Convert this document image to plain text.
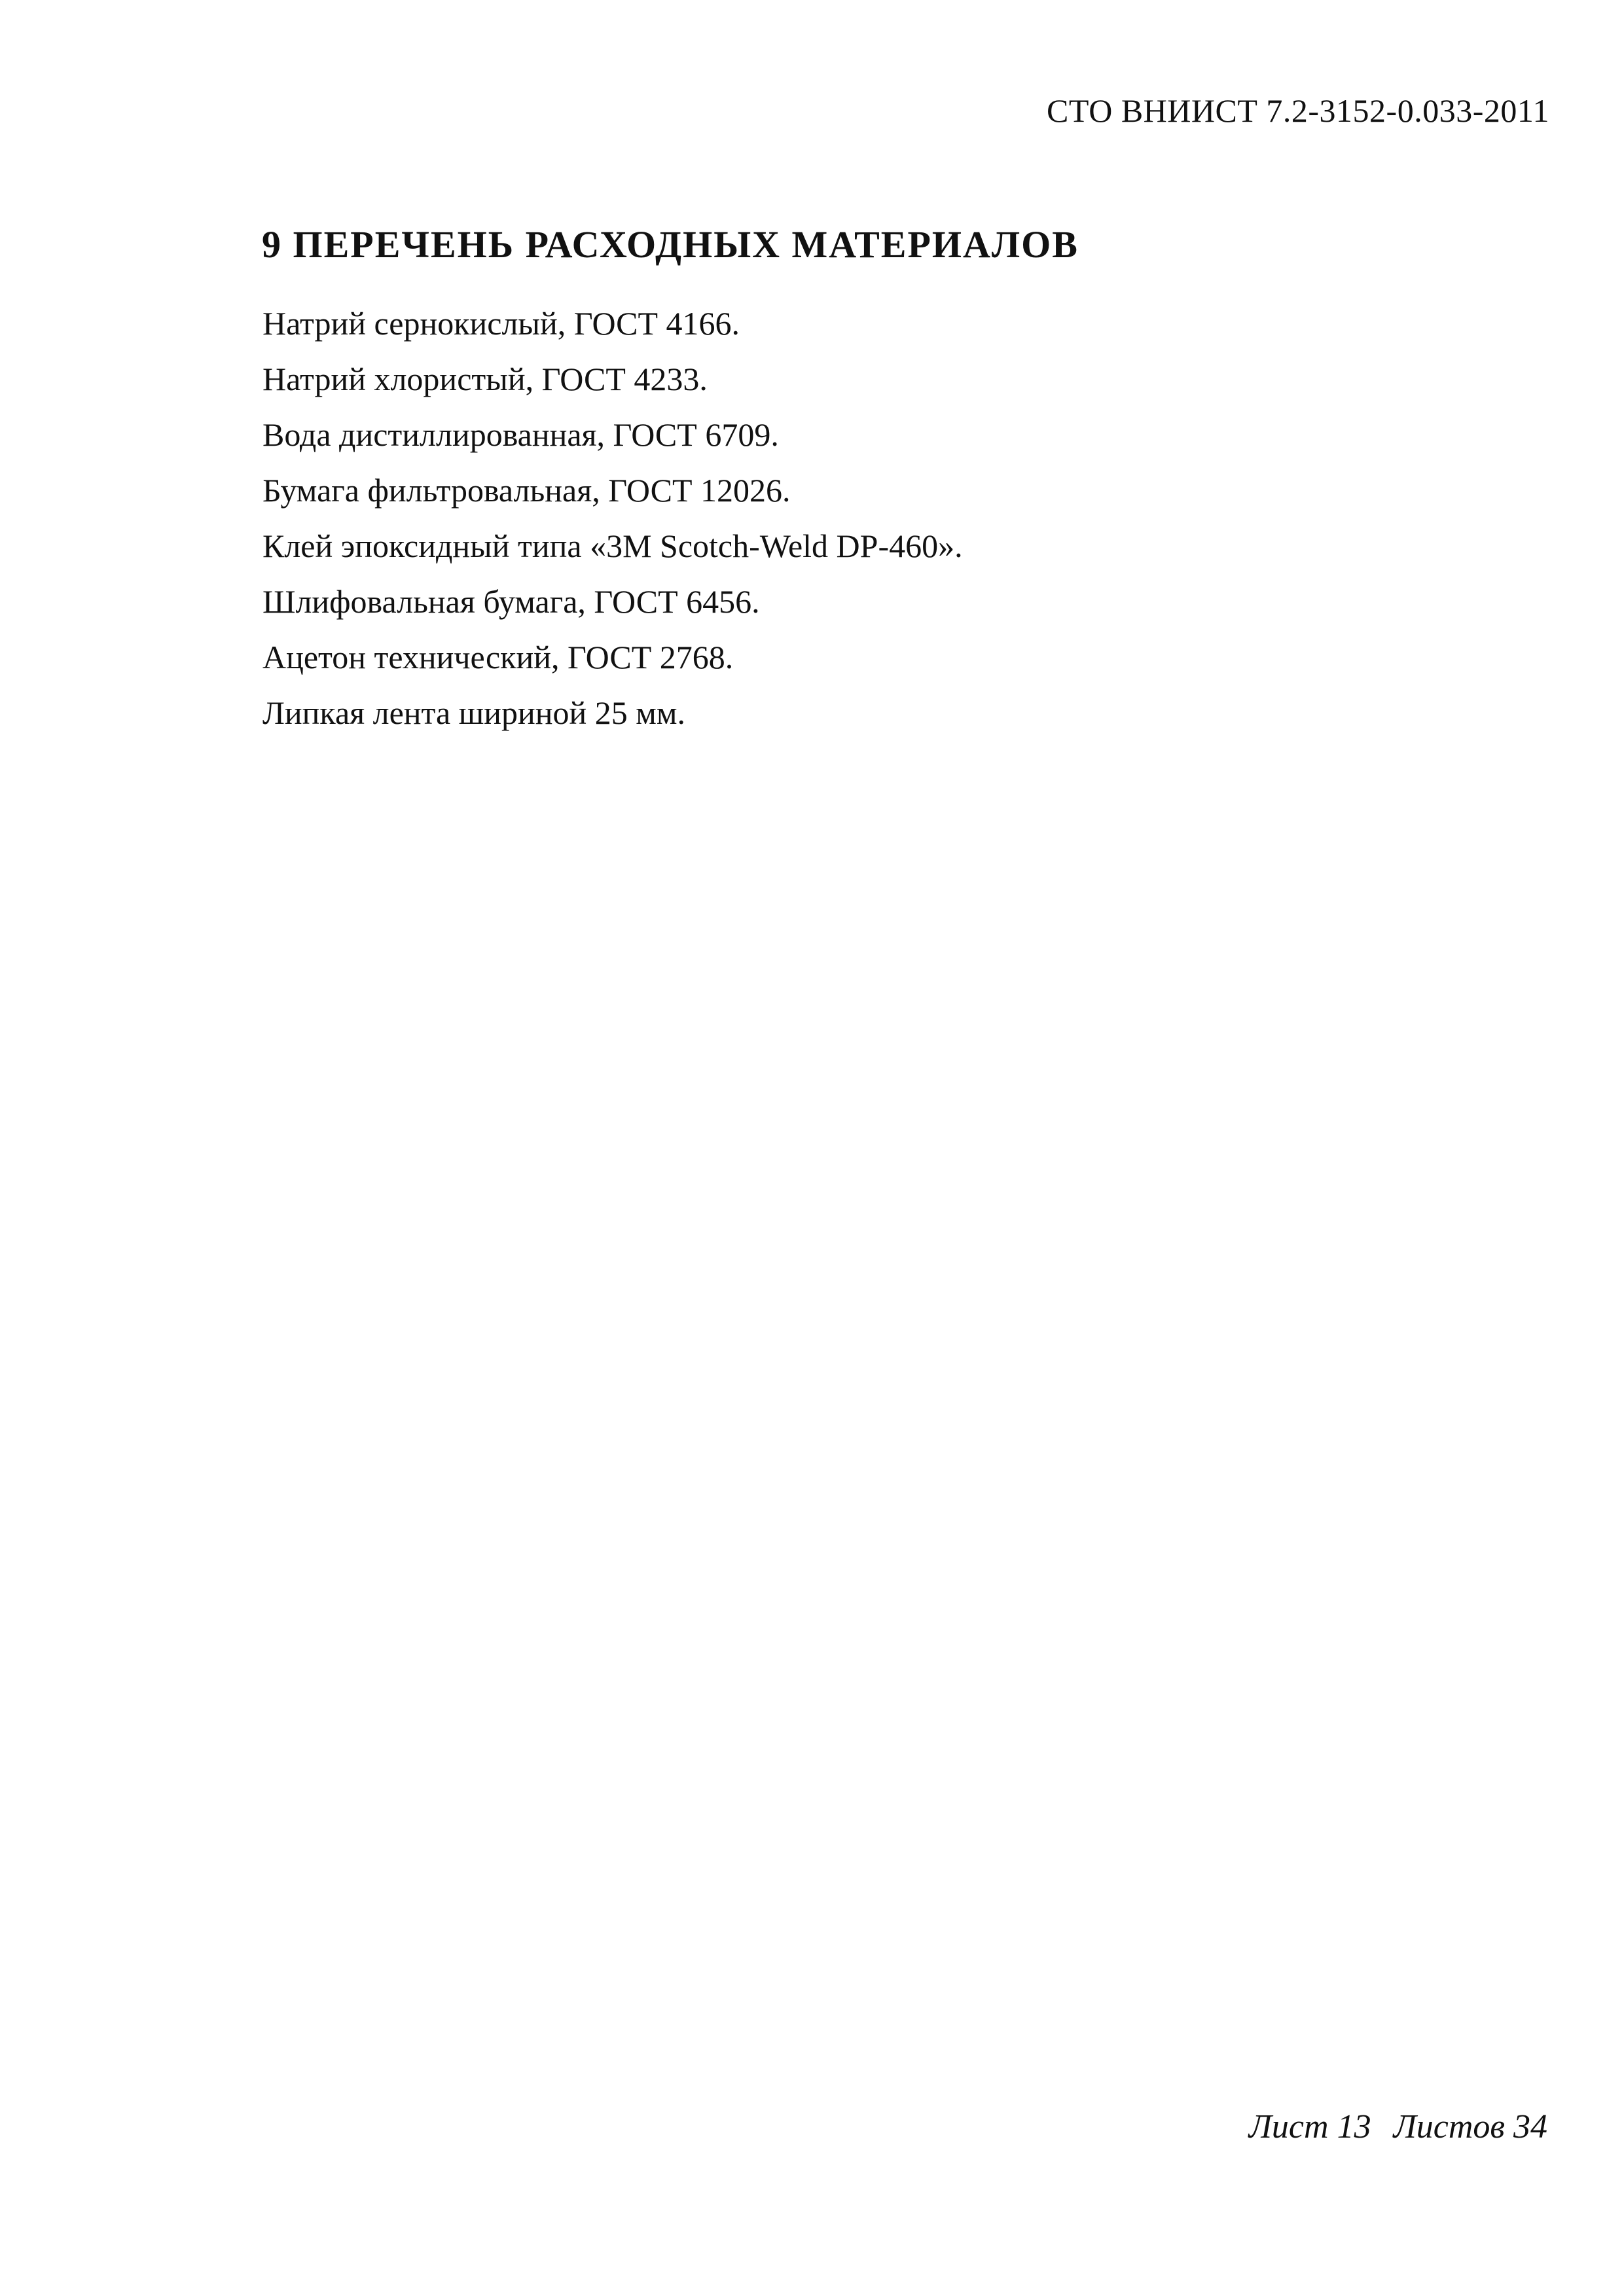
СТО ВНИИСТ 7.2-3152-0.033-2011
9 ПЕРЕЧЕНЬ РАСХОДНЫХ МАТЕРИАЛОВ
Натрий сернокислый, ГОСТ 4166.
Натрий хлористый, ГОСТ 4233.
Вода дистиллированная, ГОСТ 6709.
Бумага фильтровальная, ГОСТ 12026.
Клей эпоксидный типа «3M Scotch-Weld DP-460».
Шлифовальная бумага, ГОСТ 6456.
Ацетон технический, ГОСТ 2768.
Липкая лента шириной 25 мм.
Лист 13 Листов 34
